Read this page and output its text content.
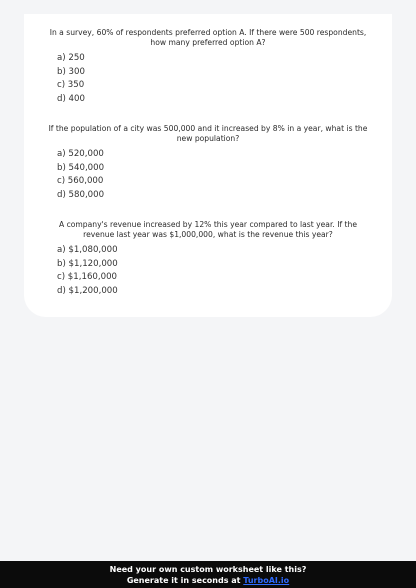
In a survey, 60% of respondents preferred option A. If there were 500 respondents, how many preferred option A?

a) 250
b) 300
c) 350
d) 400

If the population of a city was 500,000 and it increased by 8% in a year, what is the new population?

a) 520,000
b) 540,000
c) 560,000
d) 580,000

A company's revenue increased by 12% this year compared to last year. If the revenue last year was $1,000,000, what is the revenue this year?

a) $1,080,000
b) $1,120,000
c) $1,160,000
d) $1,200,000
Need your own custom worksheet like this?
Generate it in seconds at TurboAI.io
